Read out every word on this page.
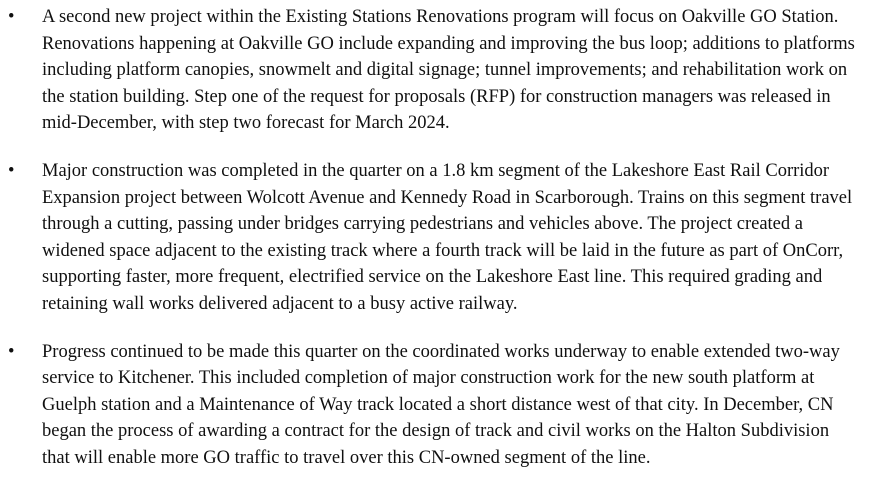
•	A second new project within the Existing Stations Renovations program will focus on Oakville GO Station. Renovations happening at Oakville GO include expanding and improving the bus loop; additions to platforms including platform canopies, snowmelt and digital signage; tunnel improvements; and rehabilitation work on the station building. Step one of the request for proposals (RFP) for construction managers was released in mid-December, with step two forecast for March 2024.
•	Major construction was completed in the quarter on a 1.8 km segment of the Lakeshore East Rail Corridor Expansion project between Wolcott Avenue and Kennedy Road in Scarborough. Trains on this segment travel through a cutting, passing under bridges carrying pedestrians and vehicles above. The project created a widened space adjacent to the existing track where a fourth track will be laid in the future as part of OnCorr, supporting faster, more frequent, electrified service on the Lakeshore East line. This required grading and retaining wall works delivered adjacent to a busy active railway.
•	Progress continued to be made this quarter on the coordinated works underway to enable extended two-way service to Kitchener. This included completion of major construction work for the new south platform at Guelph station and a Maintenance of Way track located a short distance west of that city. In December, CN began the process of awarding a contract for the design of track and civil works on the Halton Subdivision that will enable more GO traffic to travel over this CN-owned segment of the line.
